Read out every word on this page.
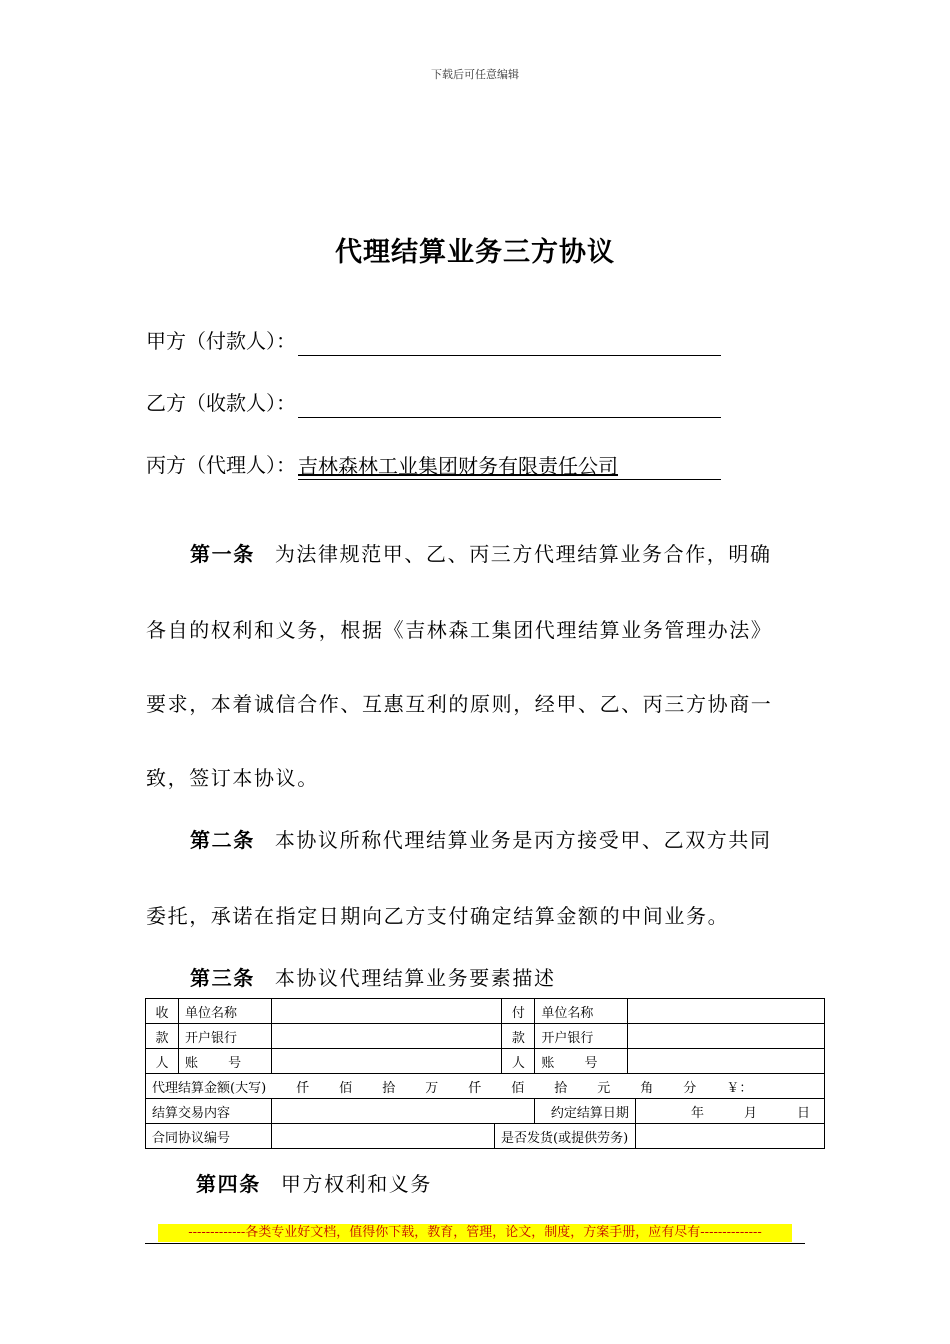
下载后可任意编辑
代理结算业务三方协议
甲方（付款人）：
乙方（收款人）：
丙方（代理人）： 吉林森林工业集团财务有限责任公司
第一条 为法律规范甲、乙、丙三方代理结算业务合作，明确
各自的权利和义务，根据《吉林森工集团代理结算业务管理办法》
要求，本着诚信合作、互惠互利的原则，经甲、乙、丙三方协商一
致，签订本协议。
第二条 本协议所称代理结算业务是丙方接受甲、乙双方共同
委托，承诺在指定日期向乙方支付确定结算金额的中间业务。
第三条 本协议代理结算业务要素描述
收	单位名称			付	单位名称		
款	开户银行			款	开户银行		
人	账 号			人	账 号		
代理结算金额(大写) 仟 佰 拾 万 仟 佰 拾 元 角 分 ￥：							
结算交易内容					约定结算日期		年 月 日
合同协议编号			是否发货(或提供劳务)				
第四条 甲方权利和义务
-------------各类专业好文档，值得你下载，教育，管理，论文，制度，方案手册，应有尽有--------------
